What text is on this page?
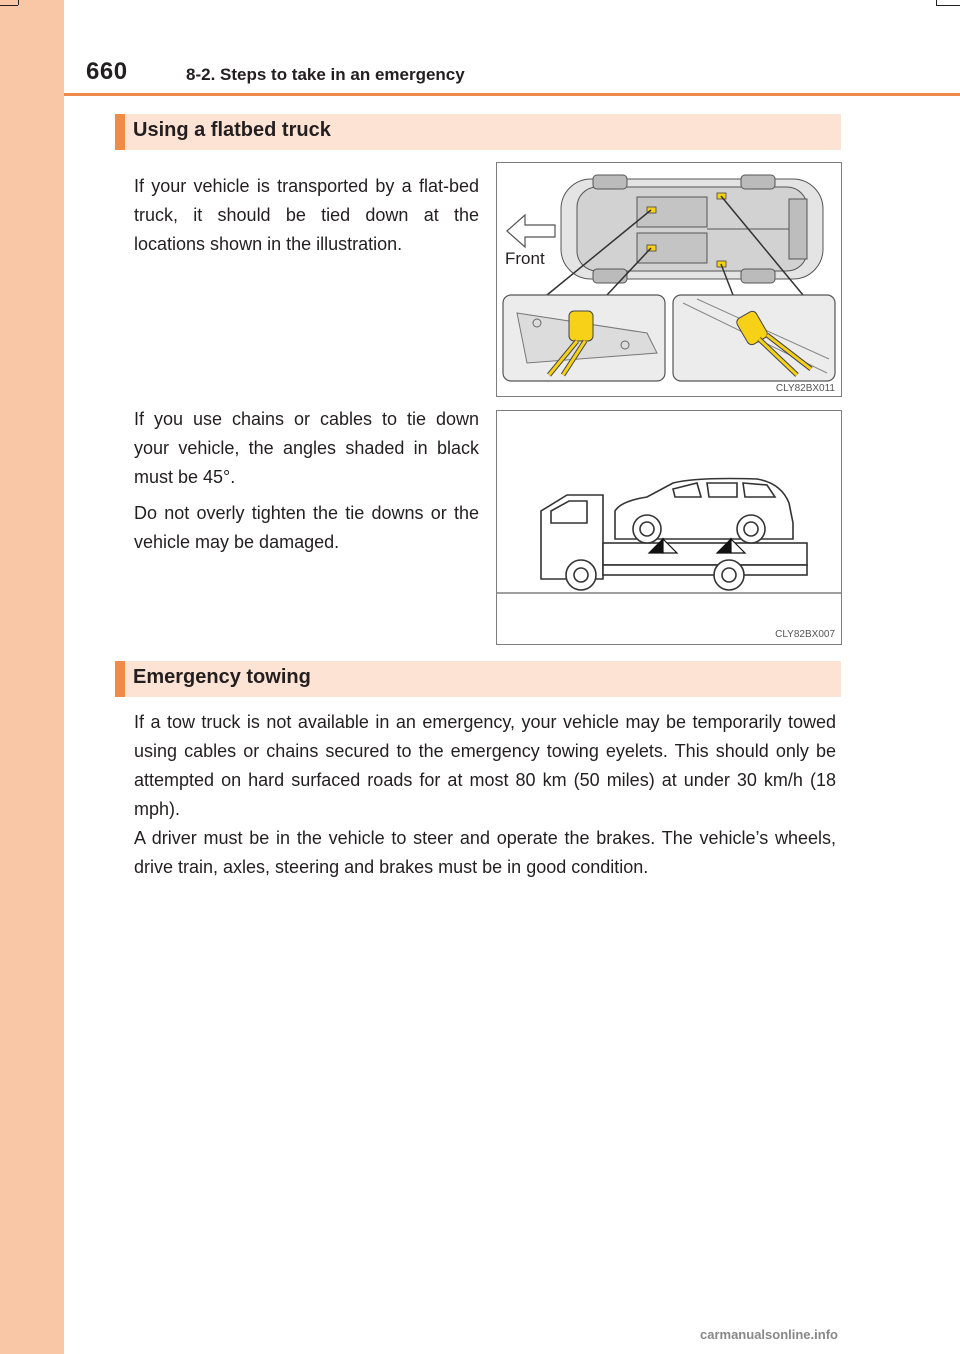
660	8-2. Steps to take in an emergency
Using a flatbed truck

If your vehicle is transported by a flat-bed truck, it should be tied down at the locations shown in the illustration.

If you use chains or cables to tie down your vehicle, the angles shaded in black must be 45°.

Do not overly tighten the tie downs or the vehicle may be damaged.

Front
CLY82BX011
CLY82BX007
Emergency towing

If a tow truck is not available in an emergency, your vehicle may be temporarily towed using cables or chains secured to the emergency towing eyelets. This should only be attempted on hard surfaced roads for at most 80 km (50 miles) at under 30 km/h (18 mph).

A driver must be in the vehicle to steer and operate the brakes. The vehicle’s wheels, drive train, axles, steering and brakes must be in good condition.

carmanualsonline.info
